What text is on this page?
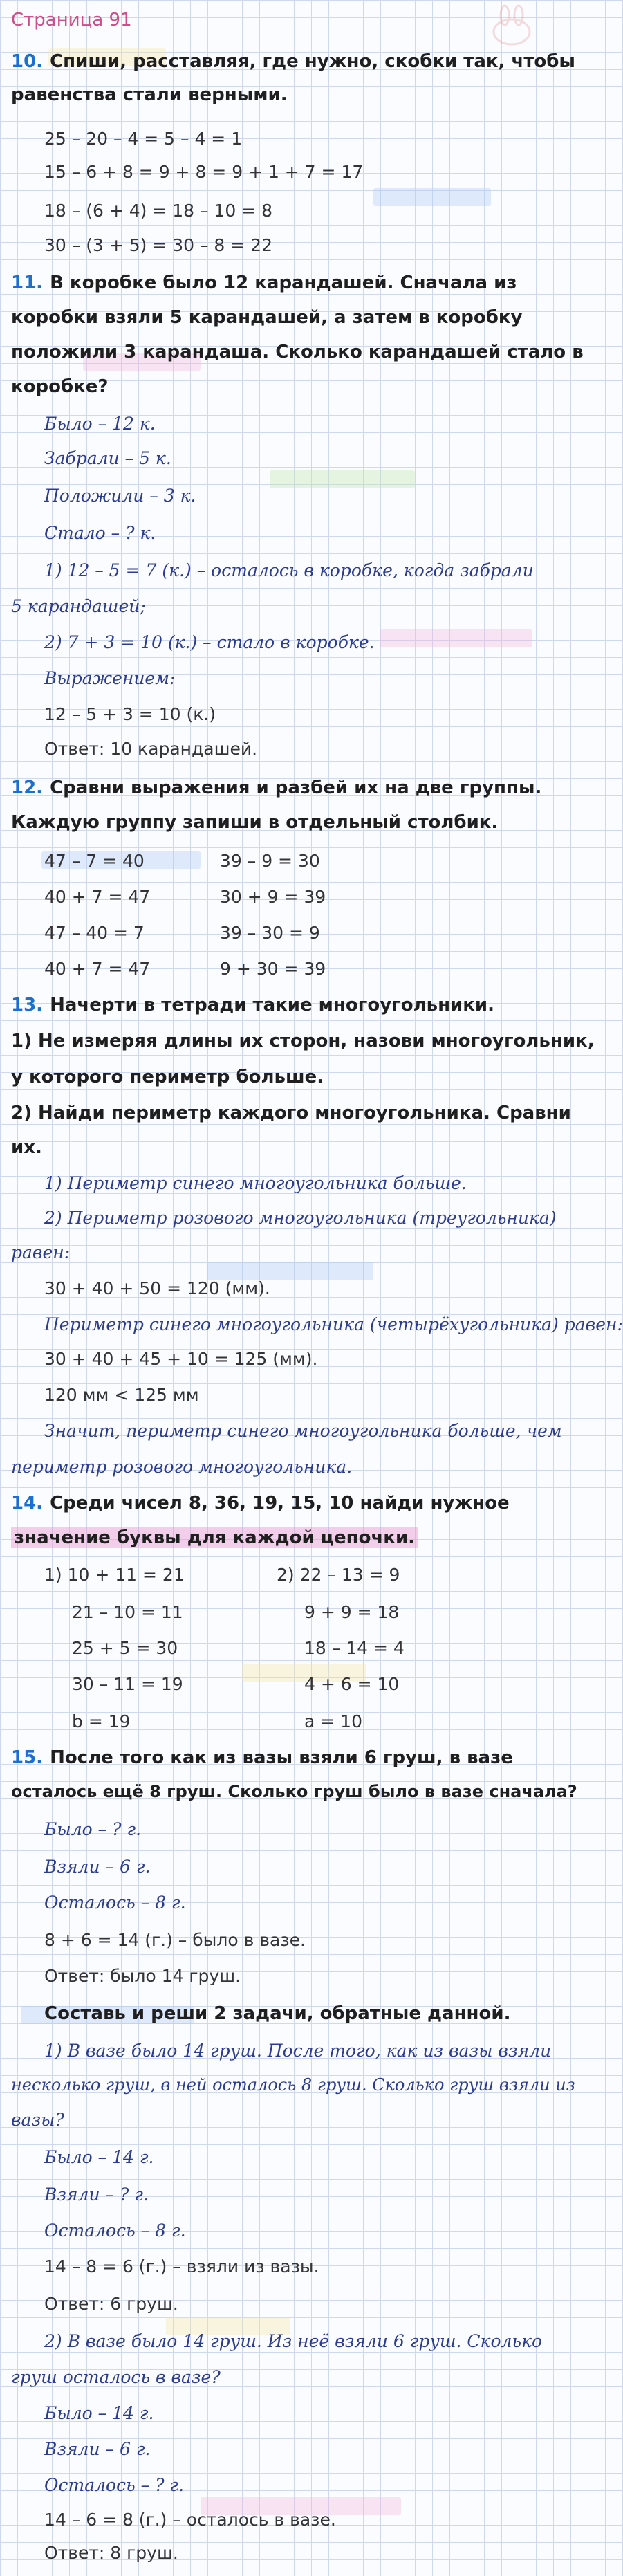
Страница 91
10. Спиши, расставляя, где нужно, скобки так, чтобы
равенства стали верными.
25 – 20 – 4 = 5 – 4 = 1
15 – 6 + 8 = 9 + 8 = 9 + 1 + 7 = 17
18 – (6 + 4) = 18 – 10 = 8
30 – (3 + 5) = 30 – 8 = 22
11. В коробке было 12 карандашей. Сначала из
коробки взяли 5 карандашей, а затем в коробку
положили 3 карандаша. Сколько карандашей стало в
коробке?
Было – 12 к.
Забрали – 5 к.
Положили – 3 к.
Стало – ? к.
1) 12 – 5 = 7 (к.) – осталось в коробке, когда забрали
5 карандашей;
2) 7 + 3 = 10 (к.) – стало в коробке.
Выражением:
12 – 5 + 3 = 10 (к.)
Ответ: 10 карандашей.
12. Сравни выражения и разбей их на две группы.
Каждую группу запиши в отдельный столбик.
47 – 7 = 40
40 + 7 = 47
47 – 40 = 7
40 + 7 = 47
39 – 9 = 30
30 + 9 = 39
39 – 30 = 9
9 + 30 = 39
13. Начерти в тетради такие многоугольники.
1) Не измеряя длины их сторон, назови многоугольник,
у которого периметр больше.
2) Найди периметр каждого многоугольника. Сравни
их.
1) Периметр синего многоугольника больше.
2) Периметр розового многоугольника (треугольника)
равен:
30 + 40 + 50 = 120 (мм).
Периметр синего многоугольника (четырёхугольника) равен:
30 + 40 + 45 + 10 = 125 (мм).
120 мм < 125 мм
Значит, периметр синего многоугольника больше, чем
периметр розового многоугольника.
14. Среди чисел 8, 36, 19, 15, 10 найди нужное
значение буквы для каждой цепочки.
1) 10 + 11 = 21
21 – 10 = 11
25 + 5 = 30
30 – 11 = 19
b = 19
2) 22 – 13 = 9
9 + 9 = 18
18 – 14 = 4
4 + 6 = 10
a = 10
15. После того как из вазы взяли 6 груш, в вазе
осталось ещё 8 груш. Сколько груш было в вазе сначала?
Было – ? г.
Взяли – 6 г.
Осталось – 8 г.
8 + 6 = 14 (г.) – было в вазе.
Ответ: было 14 груш.
Составь и реши 2 задачи, обратные данной.
1) В вазе было 14 груш. После того, как из вазы взяли
несколько груш, в ней осталось 8 груш. Сколько груш взяли из
вазы?
Было – 14 г.
Взяли – ? г.
Осталось – 8 г.
14 – 8 = 6 (г.) – взяли из вазы.
Ответ: 6 груш.
2) В вазе было 14 груш. Из неё взяли 6 груш. Сколько
груш осталось в вазе?
Было – 14 г.
Взяли – 6 г.
Осталось – ? г.
14 – 6 = 8 (г.) – осталось в вазе.
Ответ: 8 груш.
